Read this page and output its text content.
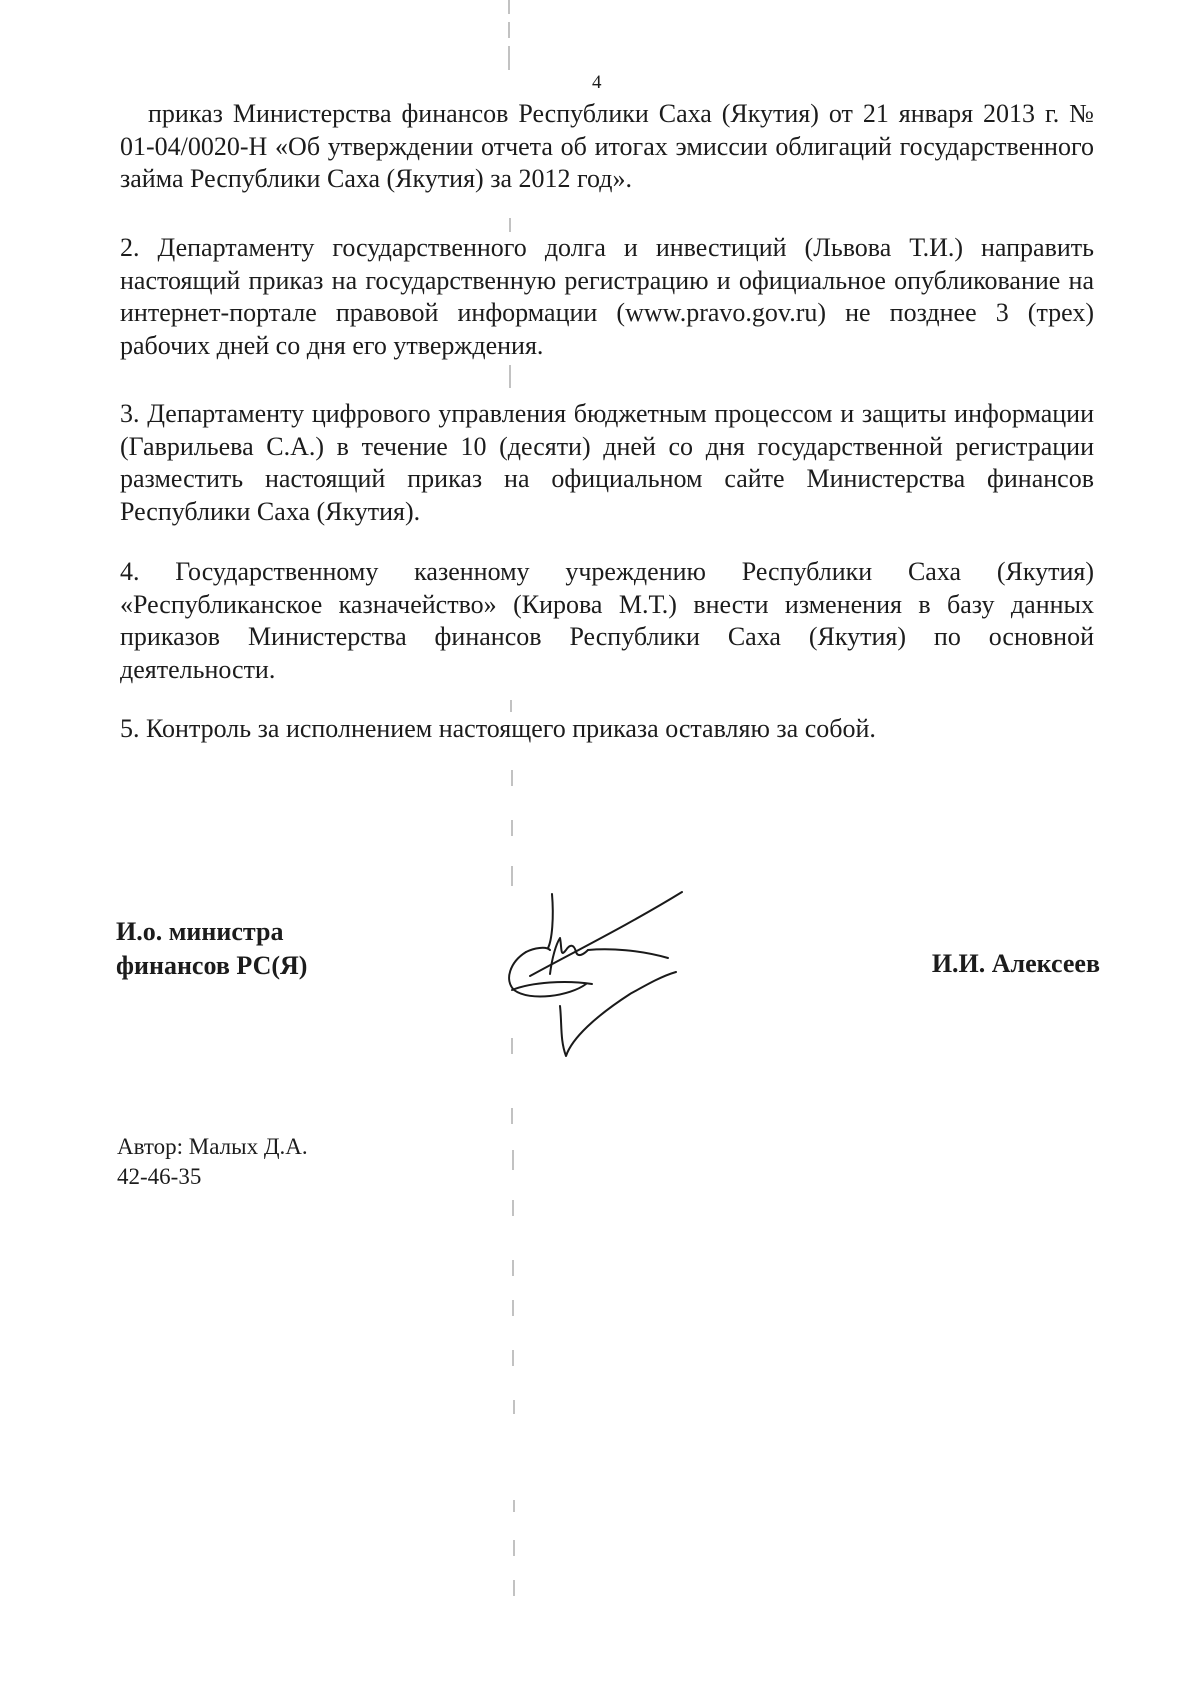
4

приказ Министерства финансов Республики Саха (Якутия) от 21 января 2013 г. № 01-04/0020-Н «Об утверждении отчета об итогах эмиссии облигаций государственного займа Республики Саха (Якутия) за 2012 год».

2. Департаменту государственного долга и инвестиций (Львова Т.И.) направить настоящий приказ на государственную регистрацию и официальное опубликование на интернет-портале правовой информации (www.pravo.gov.ru) не позднее 3 (трех) рабочих дней со дня его утверждения.

3. Департаменту цифрового управления бюджетным процессом и защиты информации (Гаврильева С.А.) в течение 10 (десяти) дней со дня государственной регистрации разместить настоящий приказ на официальном сайте Министерства финансов Республики Саха (Якутия).

4. Государственному казенному учреждению Республики Саха (Якутия) «Республиканское казначейство» (Кирова М.Т.) внести изменения в базу данных приказов Министерства финансов Республики Саха (Якутия) по основной деятельности.

5. Контроль за исполнением настоящего приказа оставляю за собой.

И.о. министра
финансов РС(Я)	И.И. Алексеев
Автор: Малых Д.А.
42-46-35
